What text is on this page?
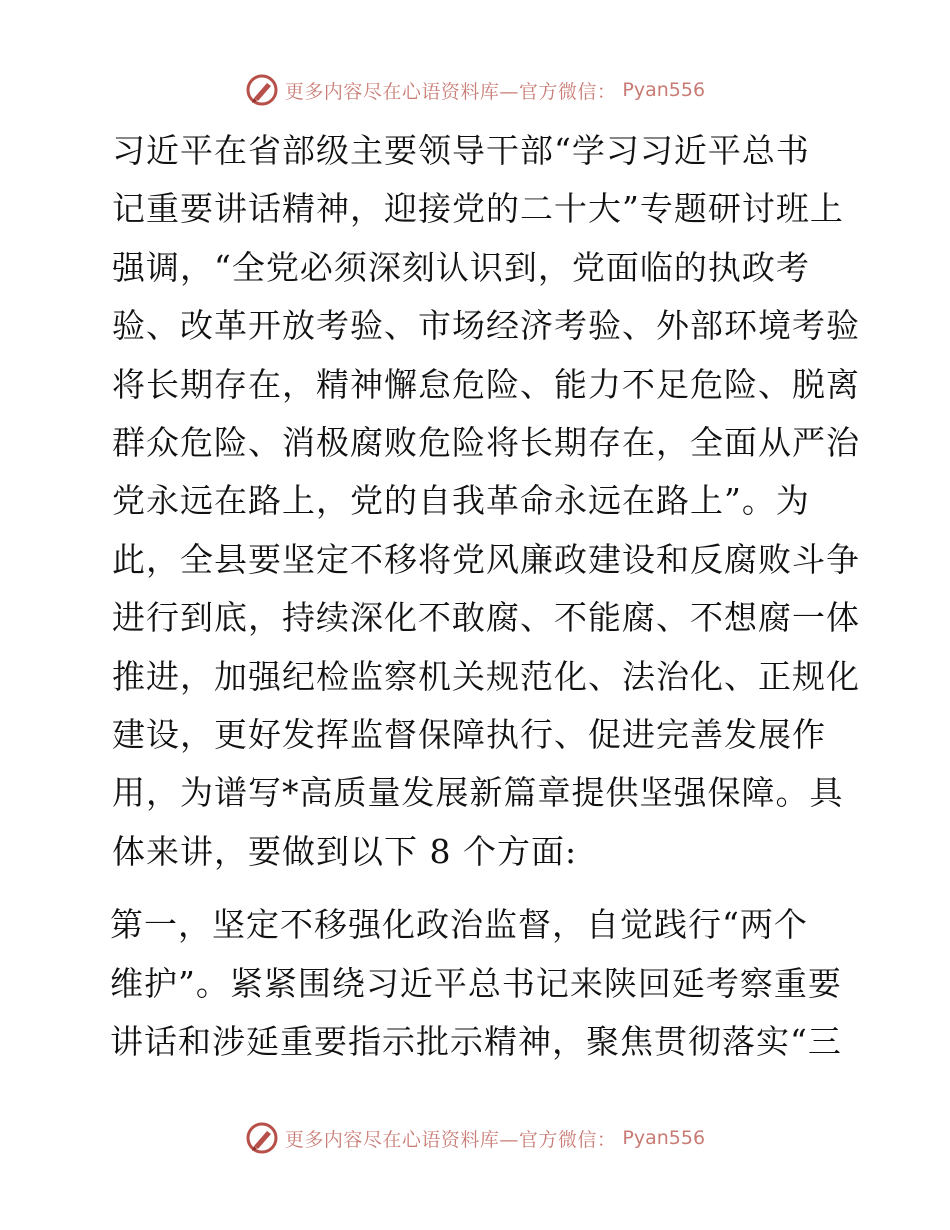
更多内容尽在心语资料库—官方微信： Pyan556

习近平在省部级主要领导干部“学习习近平总书
记重要讲话精神，迎接党的二十大”专题研讨班上
强调，“全党必须深刻认识到，党面临的执政考
验、改革开放考验、市场经济考验、外部环境考验
将长期存在，精神懈怠危险、能力不足危险、脱离
群众危险、消极腐败危险将长期存在，全面从严治
党永远在路上，党的自我革命永远在路上”。为
此，全县要坚定不移将党风廉政建设和反腐败斗争
进行到底，持续深化不敢腐、不能腐、不想腐一体
推进，加强纪检监察机关规范化、法治化、正规化
建设，更好发挥监督保障执行、促进完善发展作
用，为谱写*高质量发展新篇章提供坚强保障。具
体来讲，要做到以下 8 个方面:

第一，坚定不移强化政治监督，自觉践行“两个
维护”。紧紧围绕习近平总书记来陕回延考察重要
讲话和涉延重要指示批示精神，聚焦贯彻落实“三

更多内容尽在心语资料库—官方微信： Pyan556
